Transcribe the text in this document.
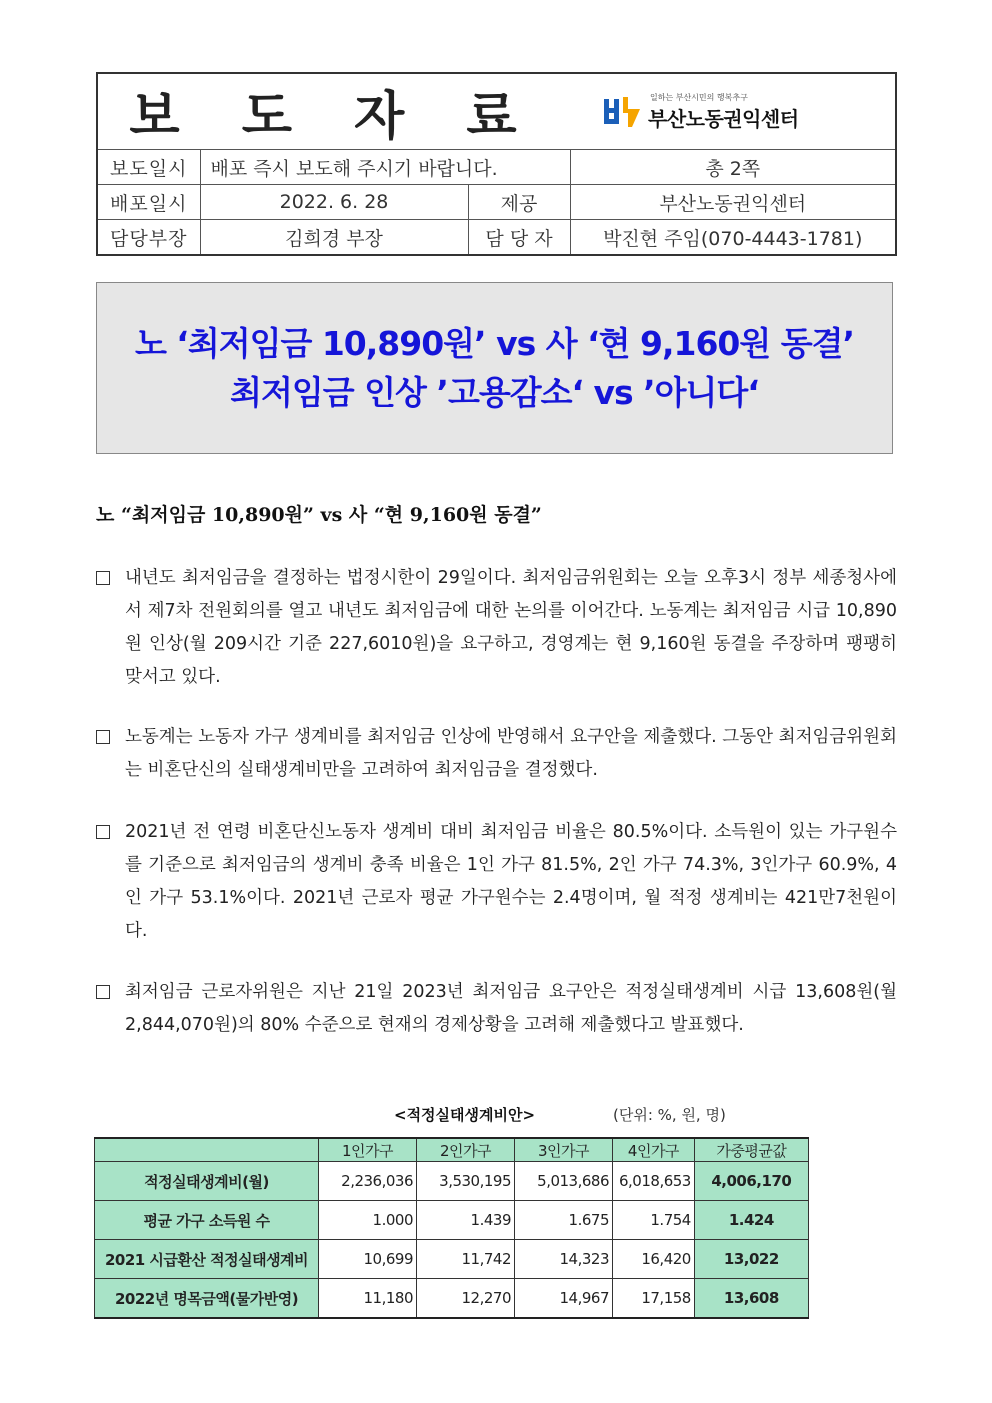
보 도 자 료			일하는 부산시민의 행복추구
부산노동권익센터

보도일시	배포 즉시 보도해 주시기 바랍니다.		총 2쪽
배포일시	2022. 6. 28	제공	부산노동권익센터
담당부장	김희경 부장	담 당 자	박진현 주임(070-4443-1781)
노 ‘최저임금 10,890원’ vs 사 ‘현 9,160원 동결’
최저임금 인상 ’고용감소‘ vs ’아니다‘
노 “최저임금 10,890원” vs 사 “현 9,160원 동결”
내년도 최저임금을 결정하는 법정시한이 29일이다. 최저임금위원회는 오늘 오후3시 정부 세종청사에서 제7차 전원회의를 열고 내년도 최저임금에 대한 논의를 이어간다. 노동계는 최저임금 시급 10,890원 인상(월 209시간 기준 227,6010원)을 요구하고, 경영계는 현 9,160원 동결을 주장하며 팽팽히 맞서고 있다.
노동계는 노동자 가구 생계비를 최저임금 인상에 반영해서 요구안을 제출했다. 그동안 최저임금위원회는 비혼단신의 실태생계비만을 고려하여 최저임금을 결정했다.
2021년 전 연령 비혼단신노동자 생계비 대비 최저임금 비율은 80.5%이다. 소득원이 있는 가구원수를 기준으로 최저임금의 생계비 충족 비율은 1인 가구 81.5%, 2인 가구 74.3%, 3인가구 60.9%, 4인 가구 53.1%이다. 2021년 근로자 평균 가구원수는 2.4명이며, 월 적정 생계비는 421만7천원이다.
최저임금 근로자위원은 지난 21일 2023년 최저임금 요구안은 적정실태생계비 시급 13,608원(월 2,844,070원)의 80% 수준으로 현재의 경제상황을 고려해 제출했다고 발표했다.
<적정실태생계비안>	(단위: %, 원, 명)
	1인가구	2인가구	3인가구	4인가구	가중평균값
적정실태생계비(월)	2,236,036	3,530,195	5,013,686	6,018,653	4,006,170
평균 가구 소득원 수	1.000	1.439	1.675	1.754	1.424
2021 시급환산 적정실태생계비	10,699	11,742	14,323	16,420	13,022
2022년 명목금액(물가반영)	11,180	12,270	14,967	17,158	13,608
